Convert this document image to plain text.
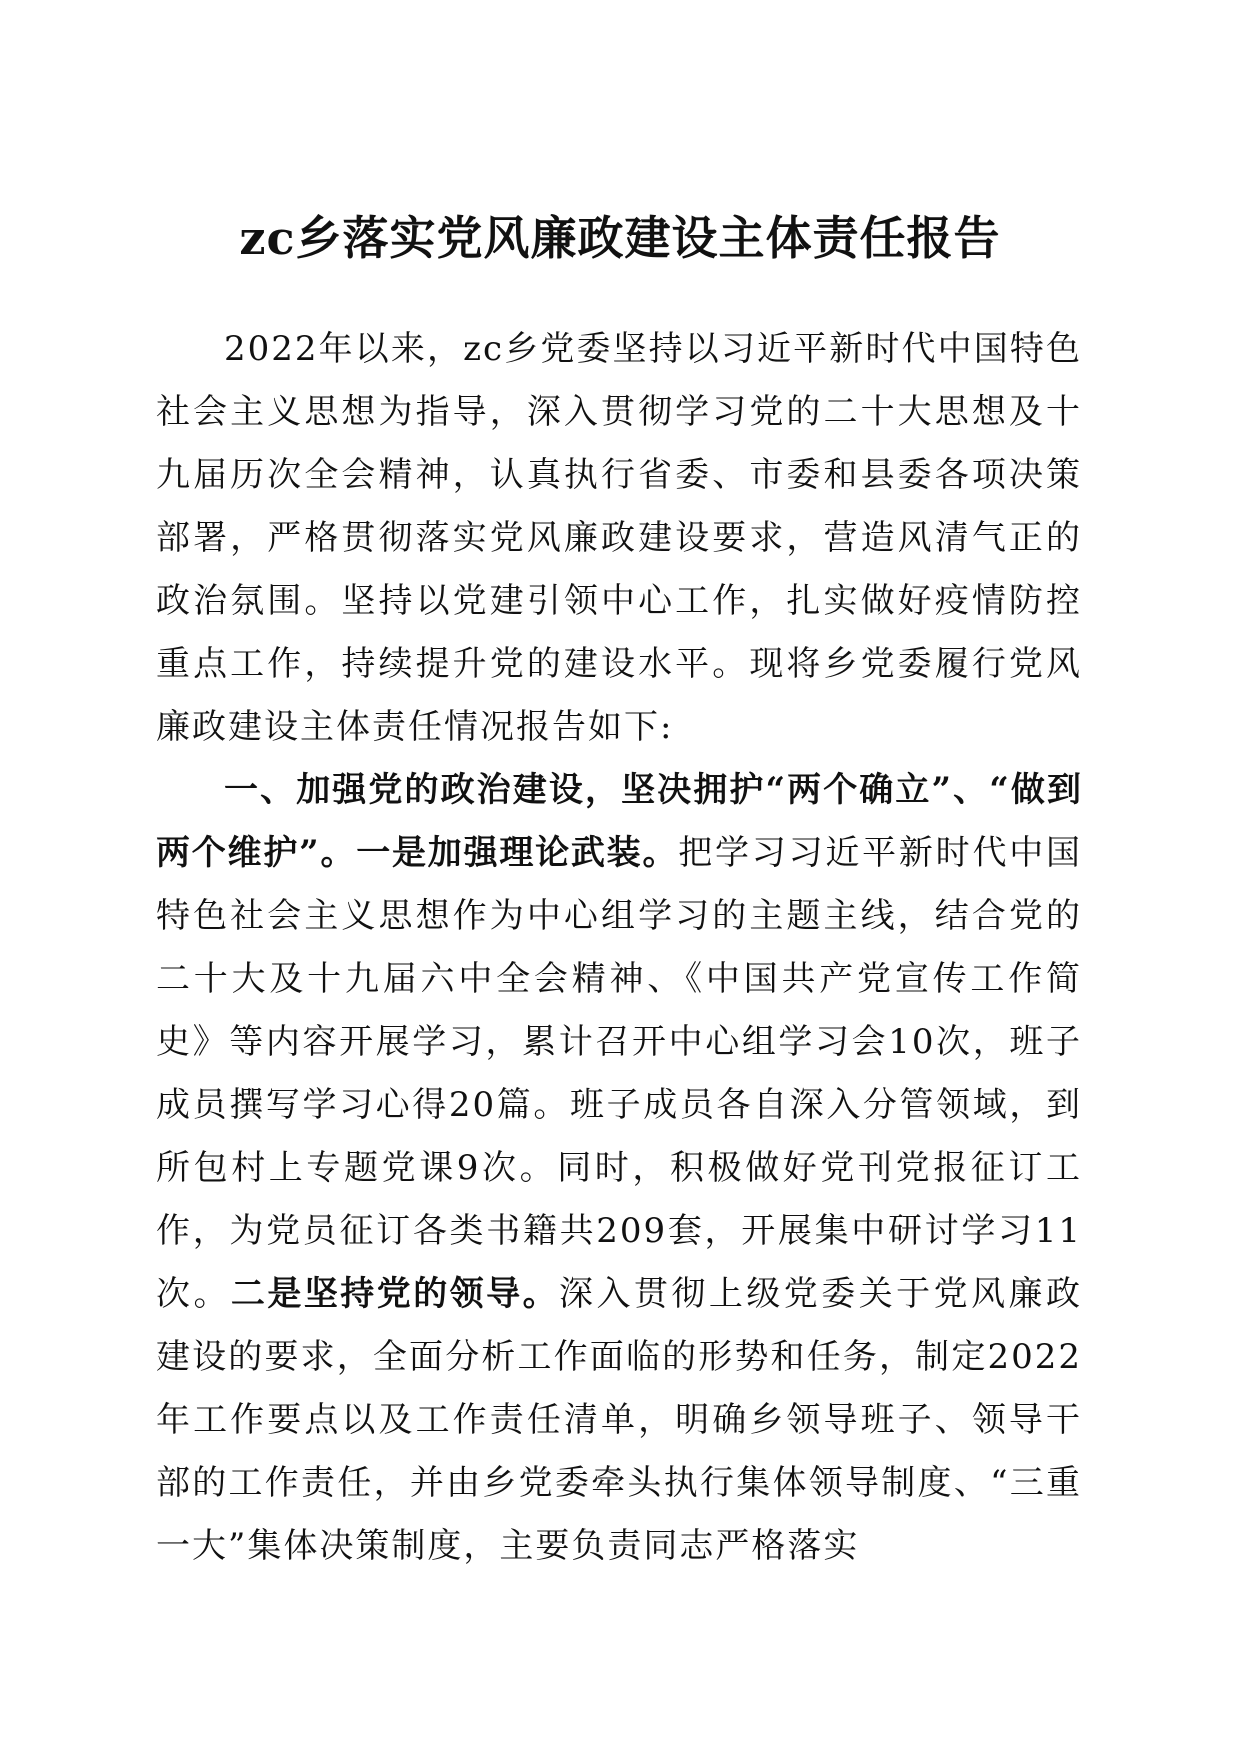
zc乡落实党风廉政建设主体责任报告

2022年以来，zc乡党委坚持以习近平新时代中国特色社会主义思想为指导，深入贯彻学习党的二十大思想及十九届历次全会精神，认真执行省委、市委和县委各项决策部署，严格贯彻落实党风廉政建设要求，营造风清气正的政治氛围。坚持以党建引领中心工作，扎实做好疫情防控重点工作，持续提升党的建设水平。现将乡党委履行党风廉政建设主体责任情况报告如下:

一、加强党的政治建设，坚决拥护“两个确立”、“做到两个维护”。一是加强理论武装。把学习习近平新时代中国特色社会主义思想作为中心组学习的主题主线，结合党的二十大及十九届六中全会精神、《中国共产党宣传工作简史》等内容开展学习，累计召开中心组学习会10次，班子成员撰写学习心得20篇。班子成员各自深入分管领域，到所包村上专题党课9次。同时，积极做好党刊党报征订工作，为党员征订各类书籍共209套，开展集中研讨学习11次。二是坚持党的领导。深入贯彻上级党委关于党风廉政建设的要求，全面分析工作面临的形势和任务，制定2022年工作要点以及工作责任清单，明确乡领导班子、领导干部的工作责任，并由乡党委牵头执行集体领导制度、“三重一大”集体决策制度，主要负责同志严格落实
